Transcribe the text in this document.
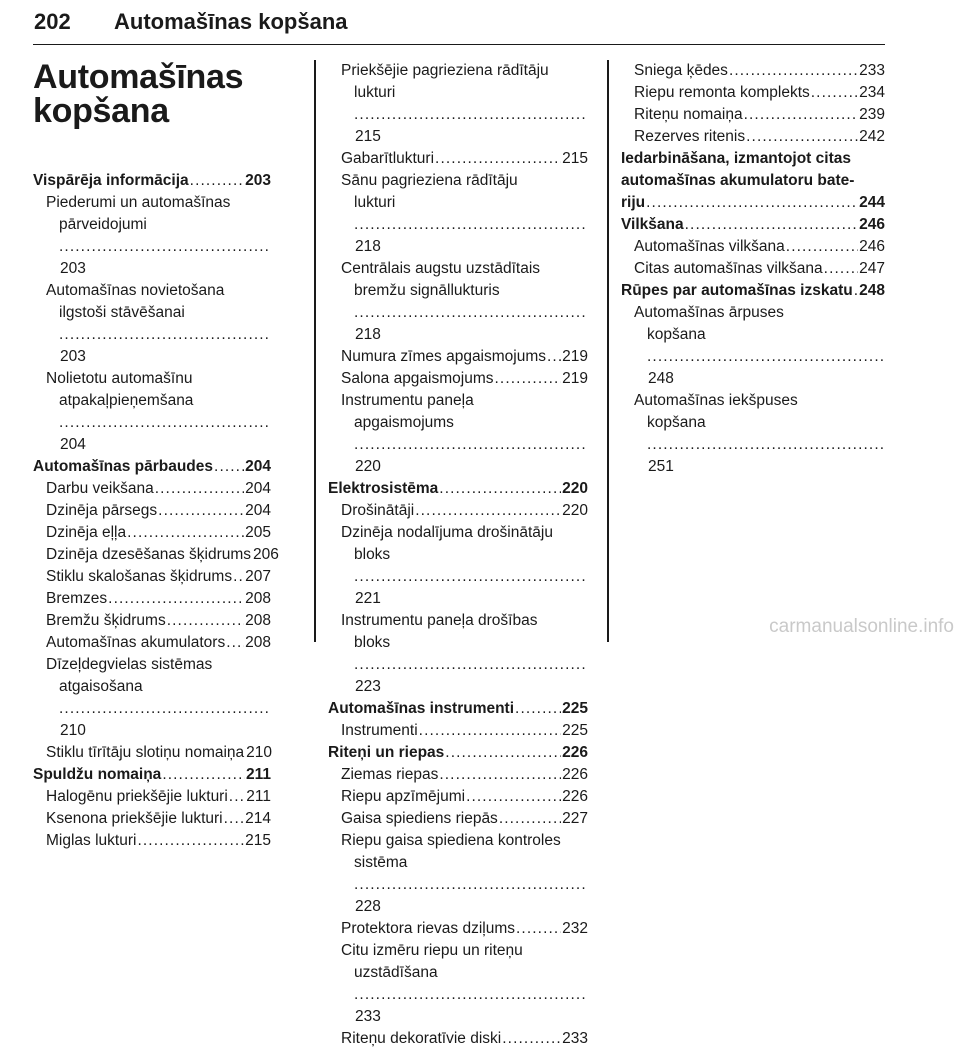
202 Automašīnas kopšana
Automašīnas
kopšana
Vispārēja informācija . . .	203
Piederumi un automašīnas
pārveidojumi . . .203
Automašīnas novietošana
ilgstoši stāvēšanai . . .203
Nolietotu automašīnu
atpakaļpieņemšana . . .204
Automašīnas pārbaudes . . . 204
Darbu veikšana . . .	204
Dzinēja pārsegs . . .	204
Dzinēja eļļa . . .	205
Dzinēja dzesēšanas šķidrums 206
Stiklu skalošanas šķidrums . . . 207
Bremzes . . .	208
Bremžu šķidrums . . .	208
Automašīnas akumulators . . . 208
Dīzeļdegvielas sistēmas
atgaisošana . . .210
Stiklu tīrītāju slotiņu nomaiņa 210
Spuldžu nomaiņa . . .	211
Halogēnu priekšējie lukturi . . . 211
Ksenona priekšējie lukturi . . . 214
Miglas lukturi . . .	215
Priekšējie pagrieziena rādītāju
lukturi . . .215
Gabarītlukturi . . .	215
Sānu pagrieziena rādītāju
lukturi . . .218
Centrālais augstu uzstādītais
bremžu signāllukturis . . .218
Numura zīmes apgaismojums . . . 219
Salona apgaismojums . . .	219
Instrumentu paneļa
apgaismojums . . .220
Elektrosistēma . . .	220
Drošinātāji . . .	220
Dzinēja nodalījuma drošinātāju
bloks . . .221
Instrumentu paneļa drošības
bloks . . .223
Automašīnas instrumenti . . .	225
Instrumenti . . .	225
Riteņi un riepas . . .	226
Ziemas riepas . . .	226
Riepu apzīmējumi . . .	226
Gaisa spiediens riepās . . .	227
Riepu gaisa spiediena kontroles
sistēma . . .228
Protektora rievas dziļums . . .	232
Citu izmēru riepu un riteņu
uzstādīšana . . .233
Riteņu dekoratīvie diski . . .	233
Sniega ķēdes . . .	233
Riepu remonta komplekts . . .	234
Riteņu nomaiņa . . .	239
Rezerves ritenis . . .	242
Iedarbināšana, izmantojot citas automašīnas akumulatoru bate-
riju . . .	244
Vilkšana . . .	246
Automašīnas vilkšana . . .	246
Citas automašīnas vilkšana . . . 247
Rūpes par automašīnas izskatu . . . 248
Automašīnas ārpuses
kopšana . . .248
Automašīnas iekšpuses
kopšana . . .251
carmanualsonline.info
